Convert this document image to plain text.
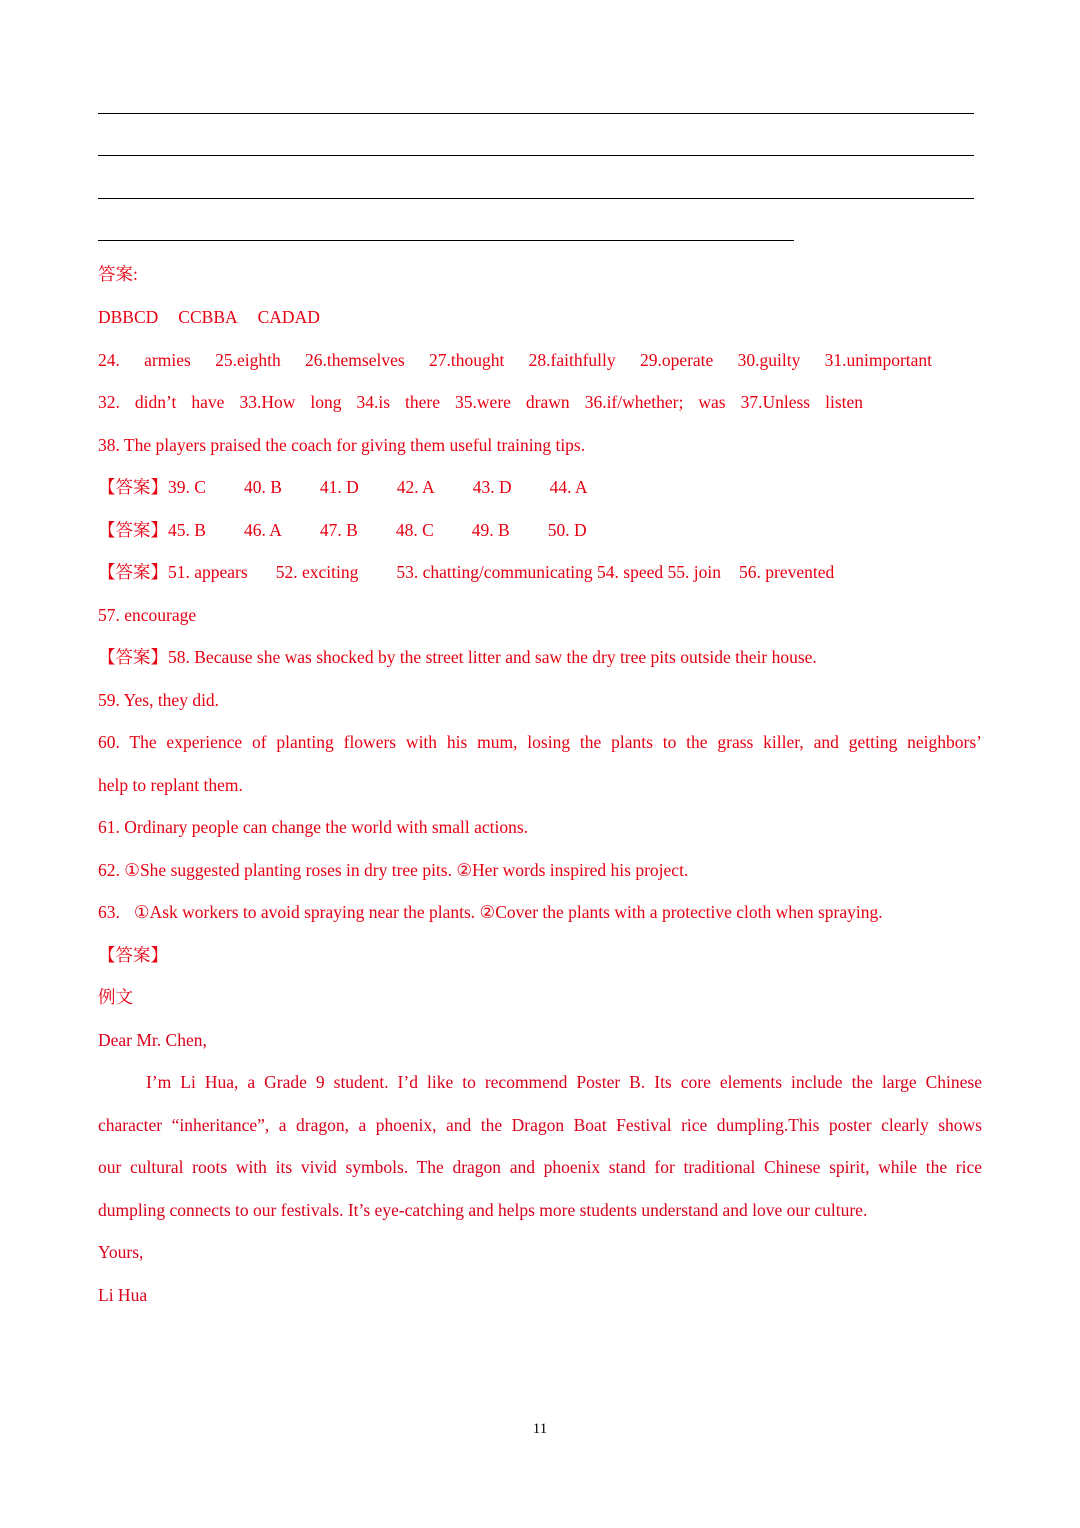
答案:

DBBCD CCBBA CADAD

24. armies 25.eighth 26.themselves 27.thought 28.faithfully 29.operate 30.guilty 31.unimportant

32. didn’t have 33.How long 34.is there 35.were drawn 36.if/whether; was 37.Unless listen

38. The players praised the coach for giving them useful training tips.

【答案】39. C 40. B 41. D 42. A 43. D 44. A

【答案】45. B 46. A 47. B 48. C 49. B 50. D

【答案】51. appears 52. exciting 53. chatting/communicating 54. speed 55. join 56. prevented

57. encourage

【答案】58. Because she was shocked by the street litter and saw the dry tree pits outside their house.

59. Yes, they did.

60. The experience of planting flowers with his mum, losing the plants to the grass killer, and getting neighbors’

help to replant them.

61. Ordinary people can change the world with small actions.

62. ①She suggested planting roses in dry tree pits. ②Her words inspired his project.

63. ①Ask workers to avoid spraying near the plants. ②Cover the plants with a protective cloth when spraying.

【答案】

例文

Dear Mr. Chen,

I’m Li Hua, a Grade 9 student. I’d like to recommend Poster B. Its core elements include the large Chinese

character “inheritance”, a dragon, a phoenix, and the Dragon Boat Festival rice dumpling.This poster clearly shows

our cultural roots with its vivid symbols. The dragon and phoenix stand for traditional Chinese spirit, while the rice

dumpling connects to our festivals. It’s eye-catching and helps more students understand and love our culture.

Yours,

Li Hua

11
